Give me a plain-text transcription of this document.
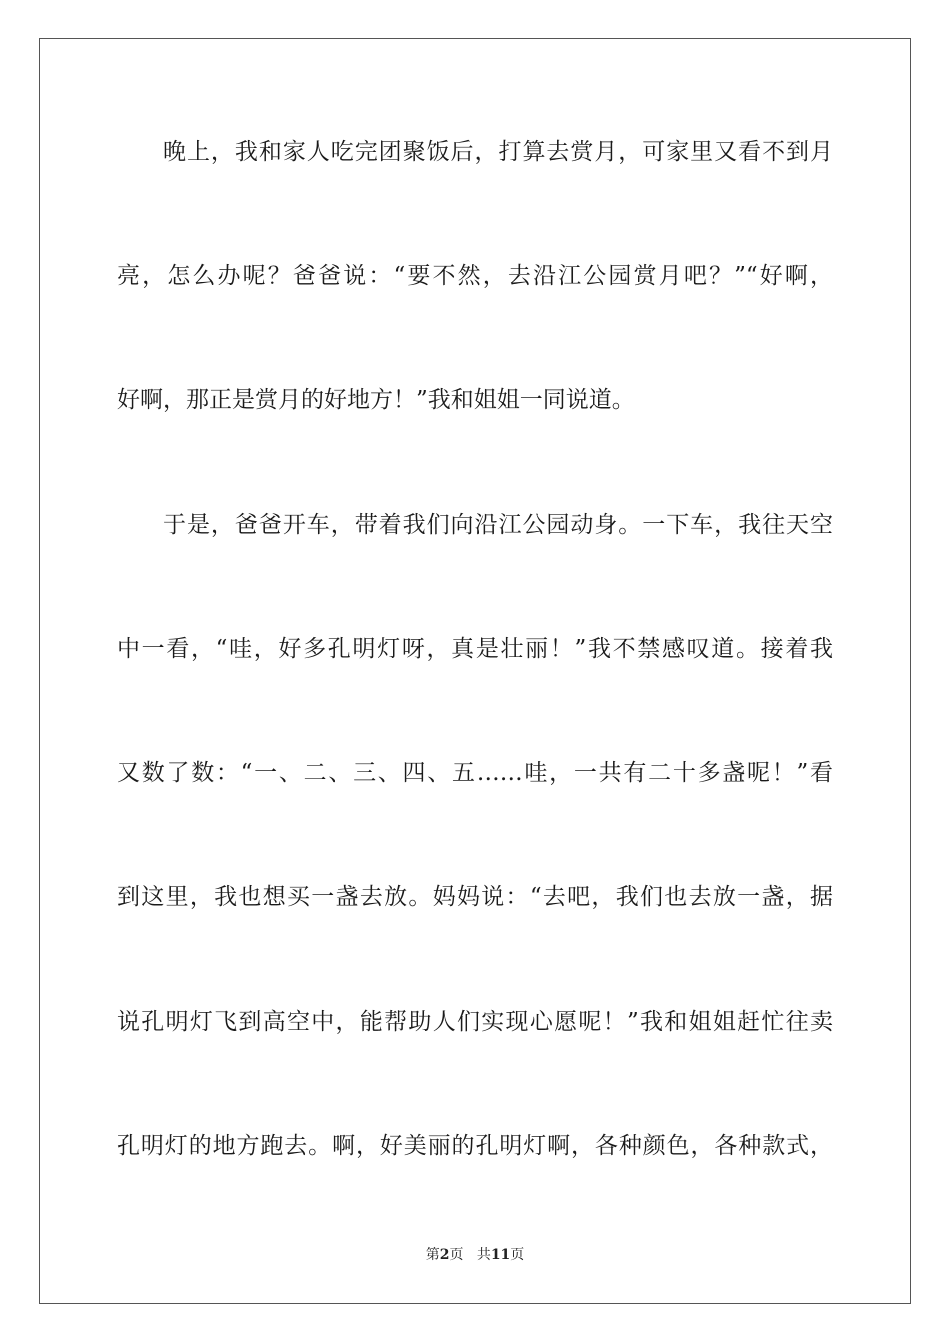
晚上，我和家人吃完团聚饭后，打算去赏月，可家里又看不到月
亮，怎么办呢？爸爸说：“要不然，去沿江公园赏月吧？”“好啊，
好啊，那正是赏月的好地方！”我和姐姐一同说道。
于是，爸爸开车，带着我们向沿江公园动身。一下车，我往天空
中一看，“哇，好多孔明灯呀，真是壮丽！”我不禁感叹道。接着我
又数了数：“一、二、三、四、五……哇，一共有二十多盏呢！”看
到这里，我也想买一盏去放。妈妈说：“去吧，我们也去放一盏，据
说孔明灯飞到高空中，能帮助人们实现心愿呢！”我和姐姐赶忙往卖
孔明灯的地方跑去。啊，好美丽的孔明灯啊，各种颜色，各种款式，
第2页 共11页
